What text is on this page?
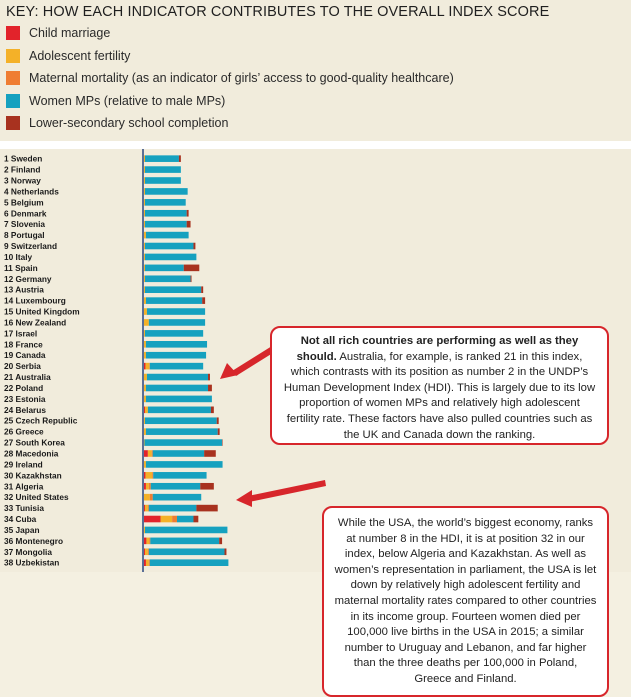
KEY: HOW EACH INDICATOR CONTRIBUTES TO THE OVERALL INDEX SCORE
Child marriage
Adolescent fertility
Maternal mortality (as an indicator of girls’ access to good-quality healthcare)
Women MPs (relative to male MPs)
Lower-secondary school completion
1 Sweden
2 Finland
3 Norway
4 Netherlands
5 Belgium
6 Denmark
7 Slovenia
8 Portugal
9 Switzerland
10 Italy
11 Spain
12 Germany
13 Austria
14 Luxembourg
15 United Kingdom
16 New Zealand
17 Israel
18 France
19 Canada
20 Serbia
21 Australia
22 Poland
23 Estonia
24 Belarus
25 Czech Republic
26 Greece
27 South Korea
28 Macedonia
29 Ireland
30 Kazakhstan
31 Algeria
32 United States
33 Tunisia
34 Cuba
35 Japan
36 Montenegro
37 Mongolia
38 Uzbekistan
Not all rich countries are performing as well as they should. Australia, for example, is ranked 21 in this index, which contrasts with its position as number 2 in the UNDP’s Human Development Index (HDI). This is largely due to its low proportion of women MPs and relatively high adolescent fertility rate. These factors have also pulled countries such as the UK and Canada down the ranking.
While the USA, the world’s biggest economy, ranks at number 8 in the HDI, it is at position 32 in our index, below Algeria and Kazakhstan. As well as women’s representation in parliament, the USA is let down by relatively high adolescent fertility and maternal mortality rates compared to other countries in its income group. Fourteen women died per 100,000 live births in the USA in 2015; a similar number to Uruguay and Lebanon, and far higher than the three deaths per 100,000 in Poland, Greece and Finland.
